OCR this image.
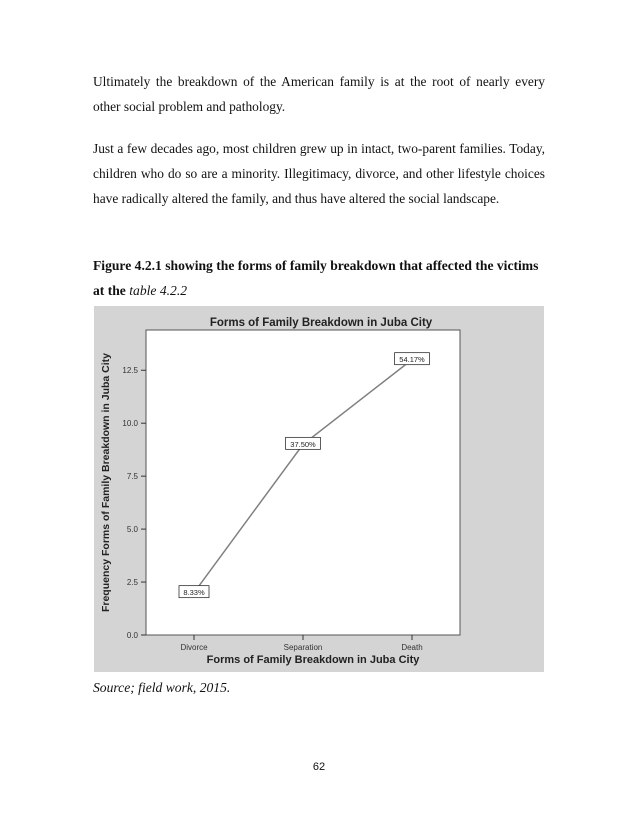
Ultimately the breakdown of the American family is at the root of nearly every other social problem and pathology.

Just a few decades ago, most children grew up in intact, two-parent families. Today, children who do so are a minority. Illegitimacy, divorce, and other lifestyle choices have radically altered the family, and thus have altered the social landscape.

Figure 4.2.1 showing the forms of family breakdown that affected the victims at the table 4.2.2

Forms of Family Breakdown in Juba City
0.0
2.5
5.0
7.5
10.0
12.5
Divorce	Separation	Death
Forms of Family Breakdown in Juba City
Frequency Forms of Family Breakdown in Juba City	8.33%
37.50%
54.17%

Source; field work, 2015.

62
